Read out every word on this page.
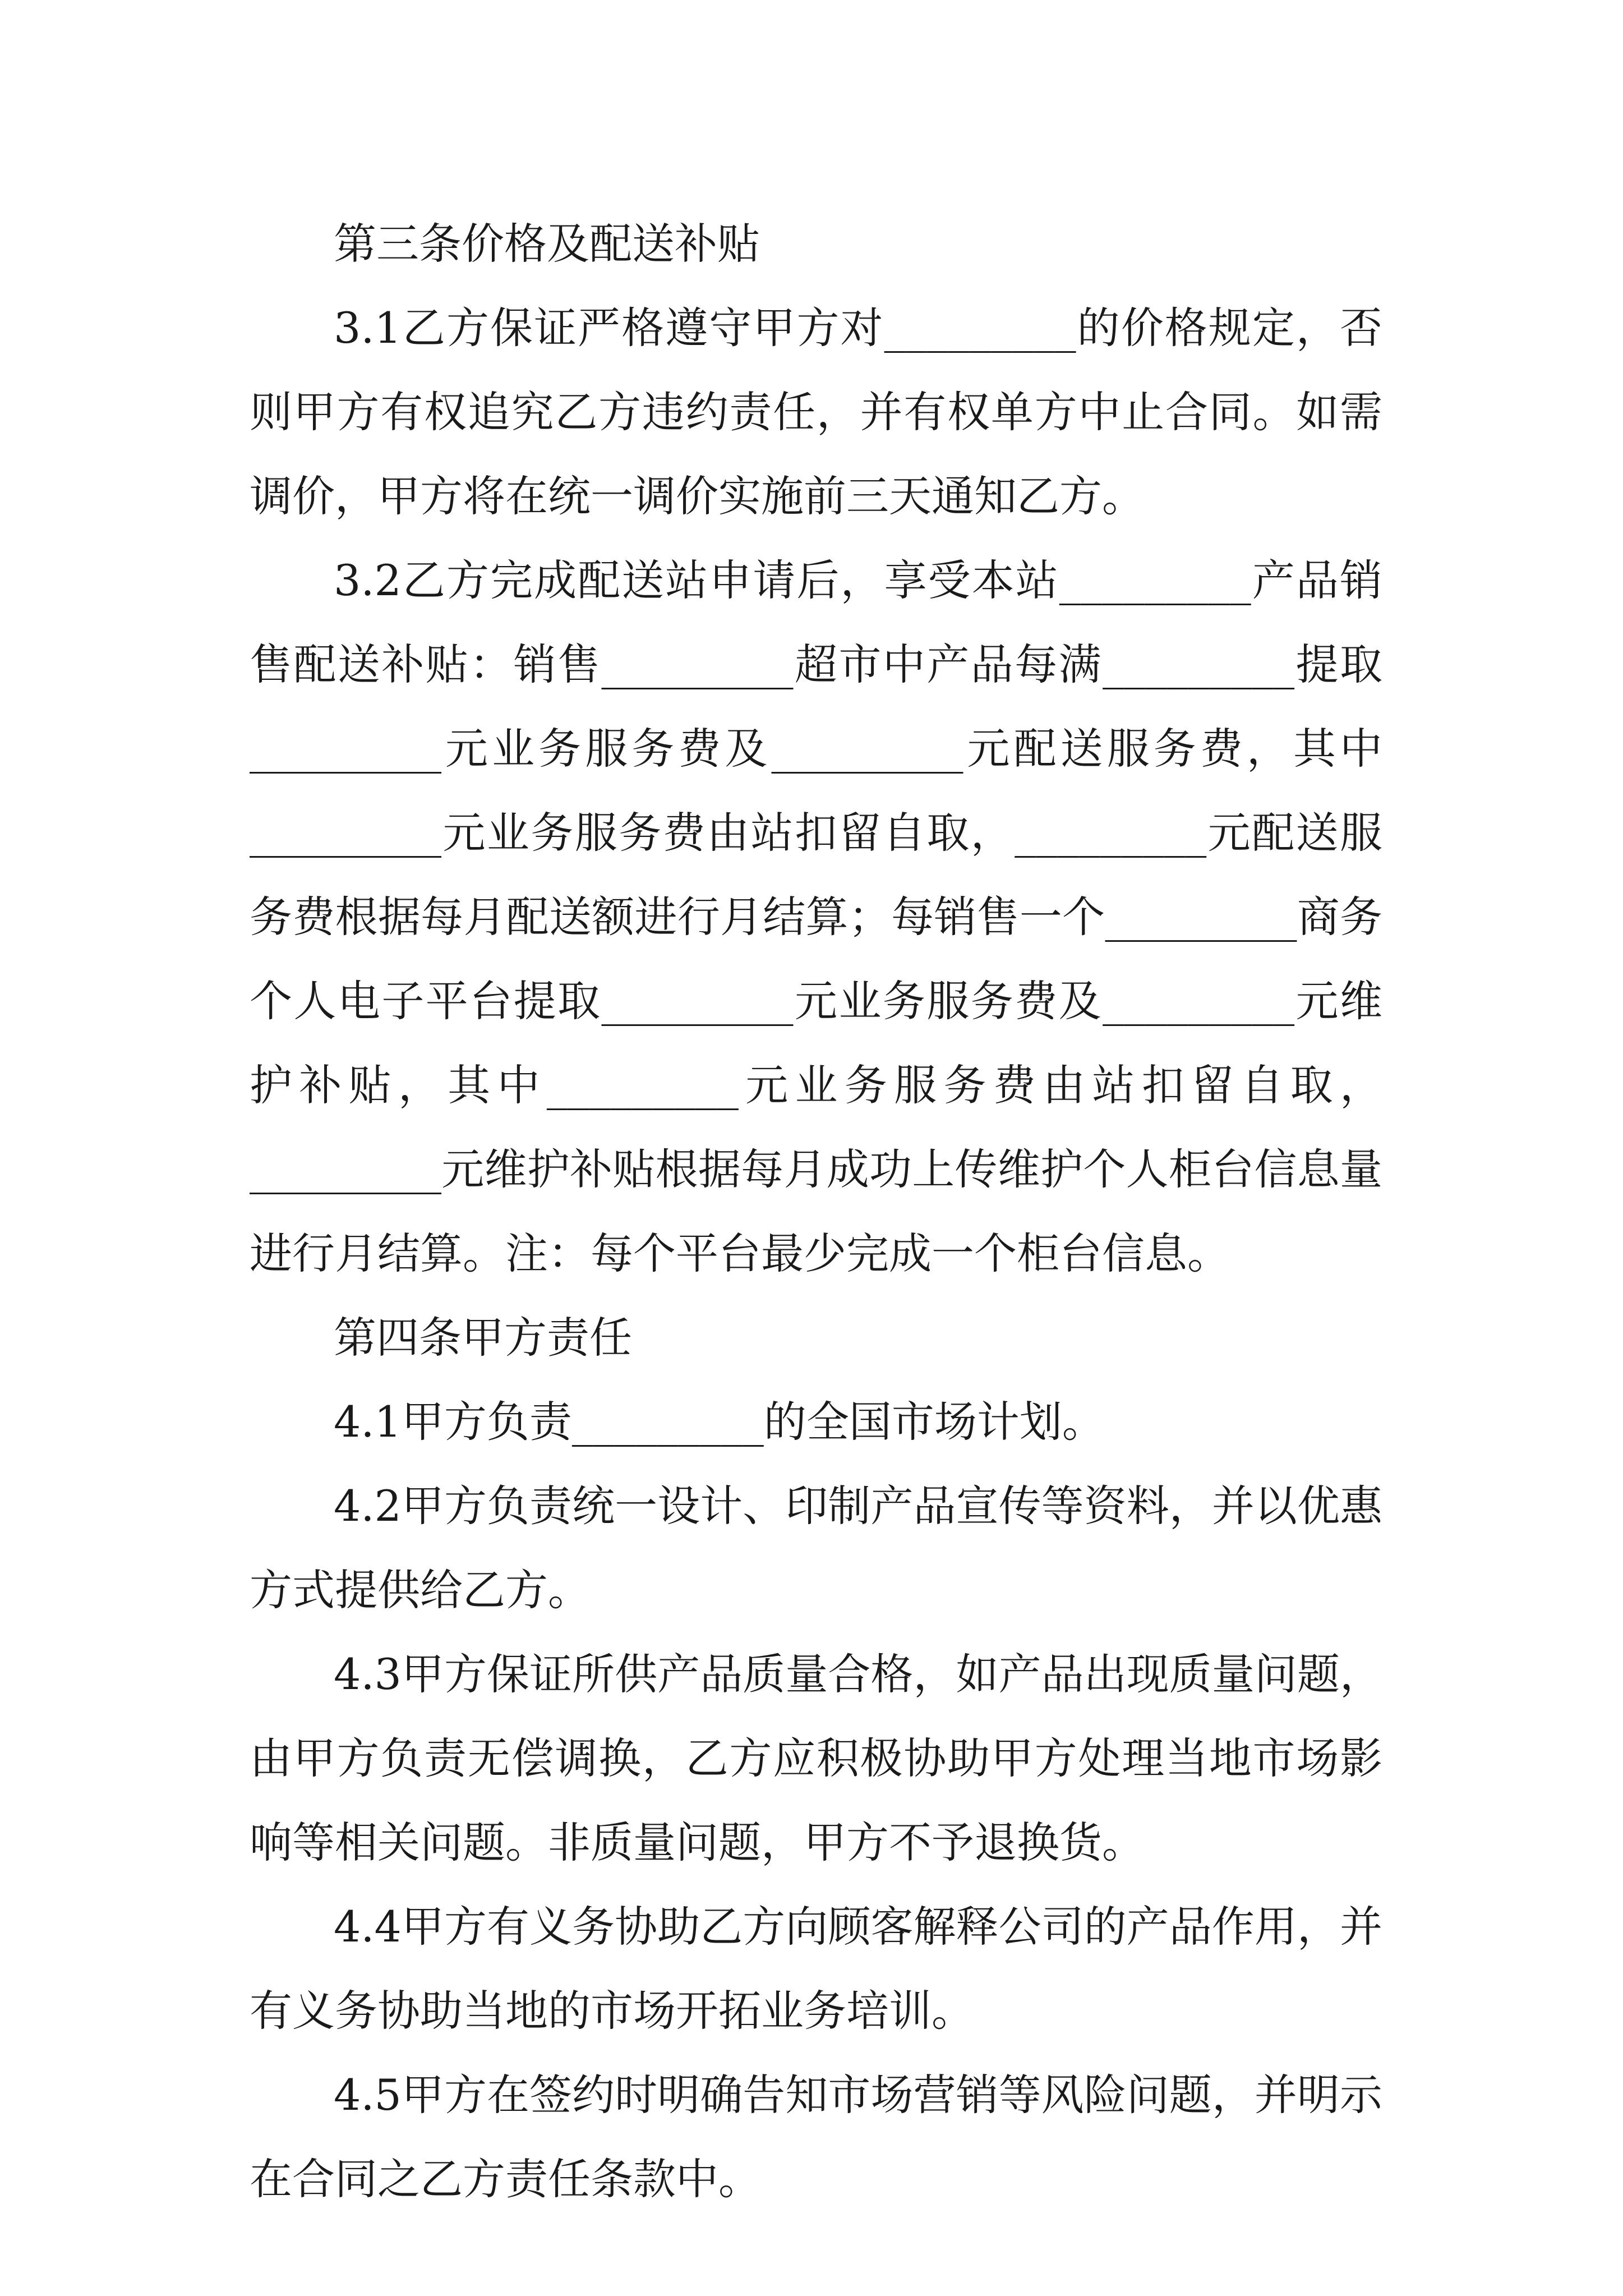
第三条价格及配送补贴

3.1乙方保证严格遵守甲方对_________的价格规定，否则甲方有权追究乙方违约责任，并有权单方中止合同。如需调价，甲方将在统一调价实施前三天通知乙方。

3.2乙方完成配送站申请后，享受本站_________产品销售配送补贴：销售_________超市中产品每满_________提取_________元业务服务费及_________元配送服务费，其中_________元业务服务费由站扣留自取，_________元配送服务费根据每月配送额进行月结算；每销售一个_________商务个人电子平台提取_________元业务服务费及_________元维护补贴，其中_________元业务服务费由站扣留自取，_________元维护补贴根据每月成功上传维护个人柜台信息量进行月结算。注：每个平台最少完成一个柜台信息。

第四条甲方责任

4.1甲方负责_________的全国市场计划。

4.2甲方负责统一设计、印制产品宣传等资料，并以优惠方式提供给乙方。

4.3甲方保证所供产品质量合格，如产品出现质量问题，由甲方负责无偿调换，乙方应积极协助甲方处理当地市场影响等相关问题。非质量问题，甲方不予退换货。

4.4甲方有义务协助乙方向顾客解释公司的产品作用，并有义务协助当地的市场开拓业务培训。

4.5甲方在签约时明确告知市场营销等风险问题，并明示在合同之乙方责任条款中。
